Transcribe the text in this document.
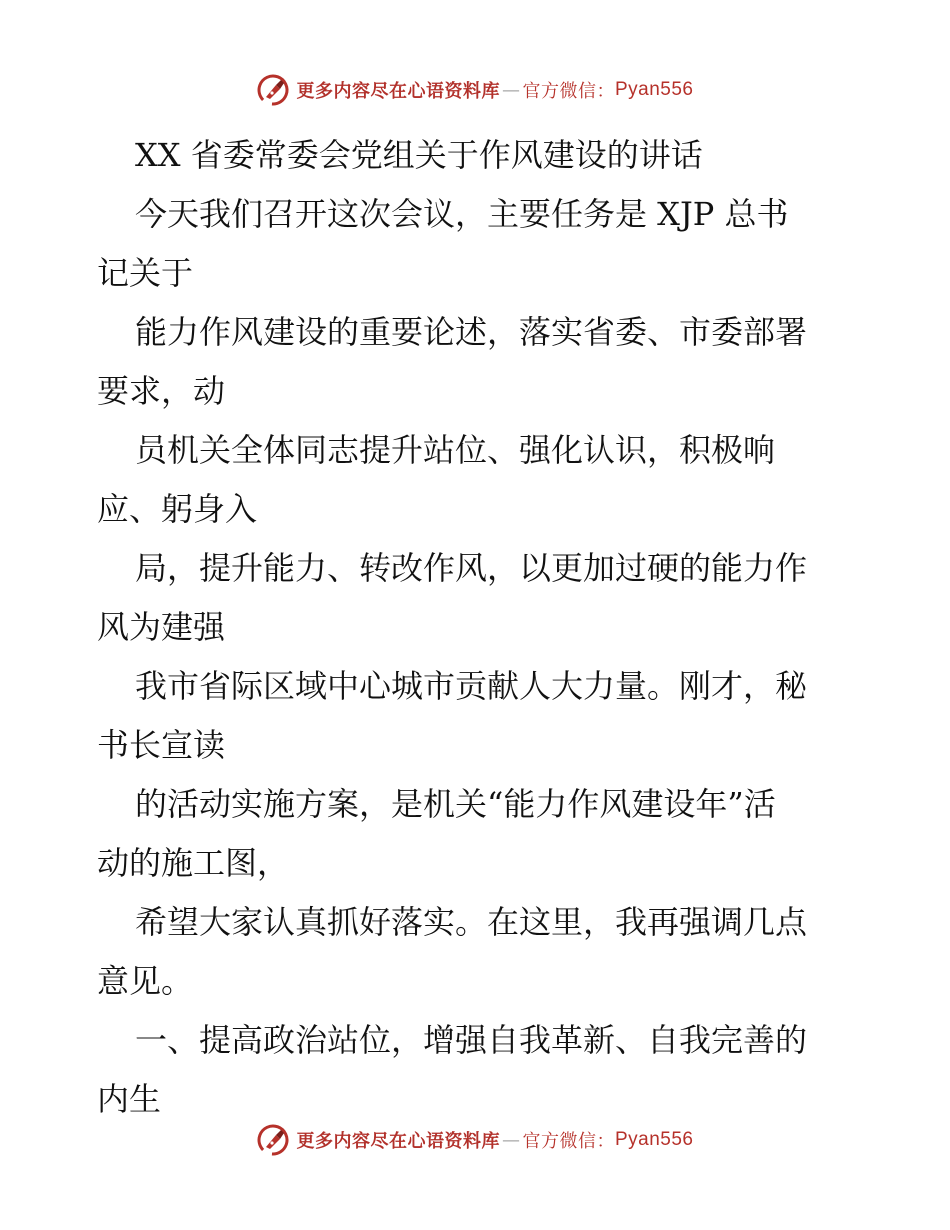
更多内容尽在心语资料库 — 官方微信： Pyan556
XX 省委常委会党组关于作风建设的讲话
今天我们召开这次会议，主要任务是 XJP 总书
记关于
能力作风建设的重要论述，落实省委、市委部署
要求，动
员机关全体同志提升站位、强化认识，积极响
应、躬身入
局，提升能力、转改作风，以更加过硬的能力作
风为建强
我市省际区域中心城市贡献人大力量。刚才，秘
书长宣读
的活动实施方案，是机关“能力作风建设年”活
动的施工图，
希望大家认真抓好落实。在这里，我再强调几点
意见。
一、提高政治站位，增强自我革新、自我完善的
内生
更多内容尽在心语资料库 — 官方微信： Pyan556
